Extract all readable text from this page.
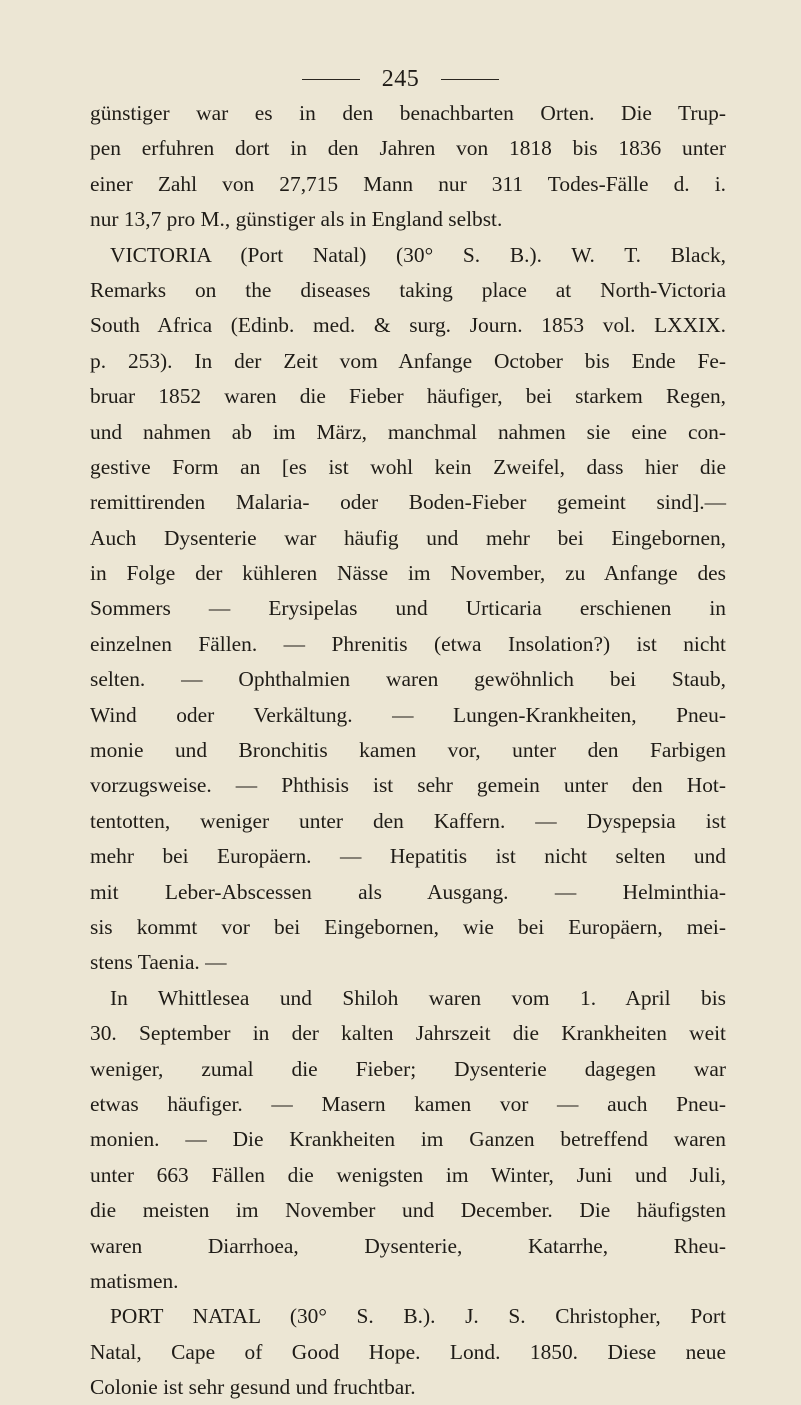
245
günstiger war es in den benachbarten Orten. Die Trup-
pen erfuhren dort in den Jahren von 1818 bis 1836 unter
einer Zahl von 27,715 Mann nur 311 Todes-Fälle d. i.
nur 13,7 pro M., günstiger als in England selbst.
VICTORIA (Port Natal) (30° S. B.). W. T. Black,
Remarks on the diseases taking place at North-Victoria
South Africa (Edinb. med. & surg. Journ. 1853 vol. LXXIX.
p. 253). In der Zeit vom Anfange October bis Ende Fe-
bruar 1852 waren die Fieber häufiger, bei starkem Regen,
und nahmen ab im März, manchmal nahmen sie eine con-
gestive Form an [es ist wohl kein Zweifel, dass hier die
remittirenden Malaria- oder Boden-Fieber gemeint sind].—
Auch Dysenterie war häufig und mehr bei Eingebornen,
in Folge der kühleren Nässe im November, zu Anfange des
Sommers — Erysipelas und Urticaria erschienen in
einzelnen Fällen. — Phrenitis (etwa Insolation?) ist nicht
selten. — Ophthalmien waren gewöhnlich bei Staub,
Wind oder Verkältung. — Lungen-Krankheiten, Pneu-
monie und Bronchitis kamen vor, unter den Farbigen
vorzugsweise. — Phthisis ist sehr gemein unter den Hot-
tentotten, weniger unter den Kaffern. — Dyspepsia ist
mehr bei Europäern. — Hepatitis ist nicht selten und
mit Leber-Abscessen als Ausgang. — Helminthia-
sis kommt vor bei Eingebornen, wie bei Europäern, mei-
stens Taenia. —
In Whittlesea und Shiloh waren vom 1. April bis
30. September in der kalten Jahrszeit die Krankheiten weit
weniger, zumal die Fieber; Dysenterie dagegen war
etwas häufiger. — Masern kamen vor — auch Pneu-
monien. — Die Krankheiten im Ganzen betreffend waren
unter 663 Fällen die wenigsten im Winter, Juni und Juli,
die meisten im November und December. Die häufigsten
waren Diarrhoea, Dysenterie, Katarrhe, Rheu-
matismen.
PORT NATAL (30° S. B.). J. S. Christopher, Port
Natal, Cape of Good Hope. Lond. 1850. Diese neue
Colonie ist sehr gesund und fruchtbar.
